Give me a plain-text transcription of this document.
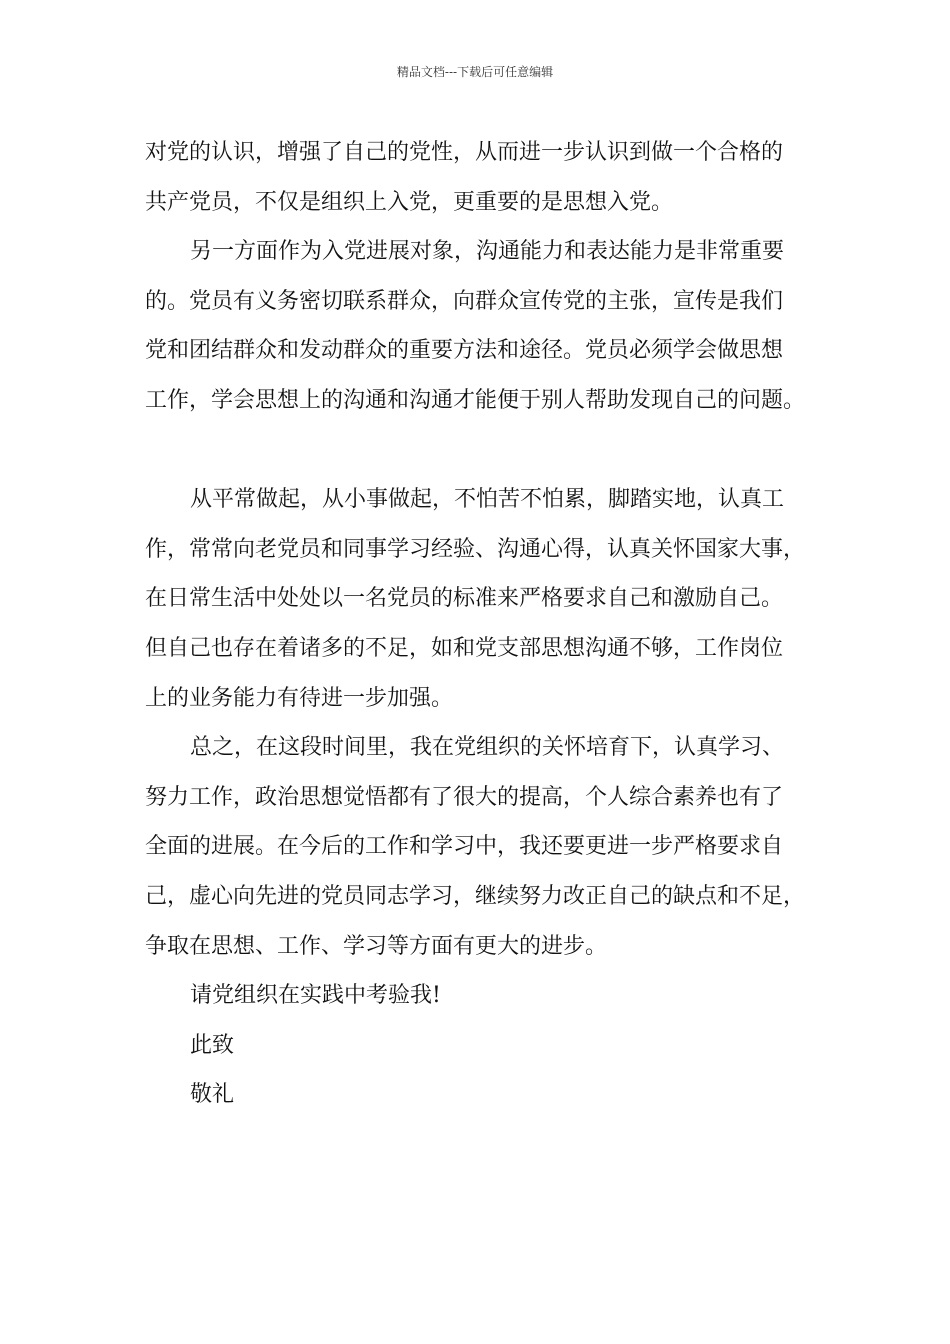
精品文档---下载后可任意编辑
对党的认识，增强了自己的党性，从而进一步认识到做一个合格的
共产党员，不仅是组织上入党，更重要的是思想入党。
另一方面作为入党进展对象，沟通能力和表达能力是非常重要
的。党员有义务密切联系群众，向群众宣传党的主张，宣传是我们
党和团结群众和发动群众的重要方法和途径。党员必须学会做思想
工作，学会思想上的沟通和沟通才能便于别人帮助发现自己的问题。
从平常做起，从小事做起，不怕苦不怕累，脚踏实地，认真工
作，常常向老党员和同事学习经验、沟通心得，认真关怀国家大事，
在日常生活中处处以一名党员的标准来严格要求自己和激励自己。
但自己也存在着诸多的不足，如和党支部思想沟通不够，工作岗位
上的业务能力有待进一步加强。
总之，在这段时间里，我在党组织的关怀培育下，认真学习、
努力工作，政治思想觉悟都有了很大的提高，个人综合素养也有了
全面的进展。在今后的工作和学习中，我还要更进一步严格要求自
己，虚心向先进的党员同志学习，继续努力改正自己的缺点和不足，
争取在思想、工作、学习等方面有更大的进步。
请党组织在实践中考验我!
此致
敬礼
